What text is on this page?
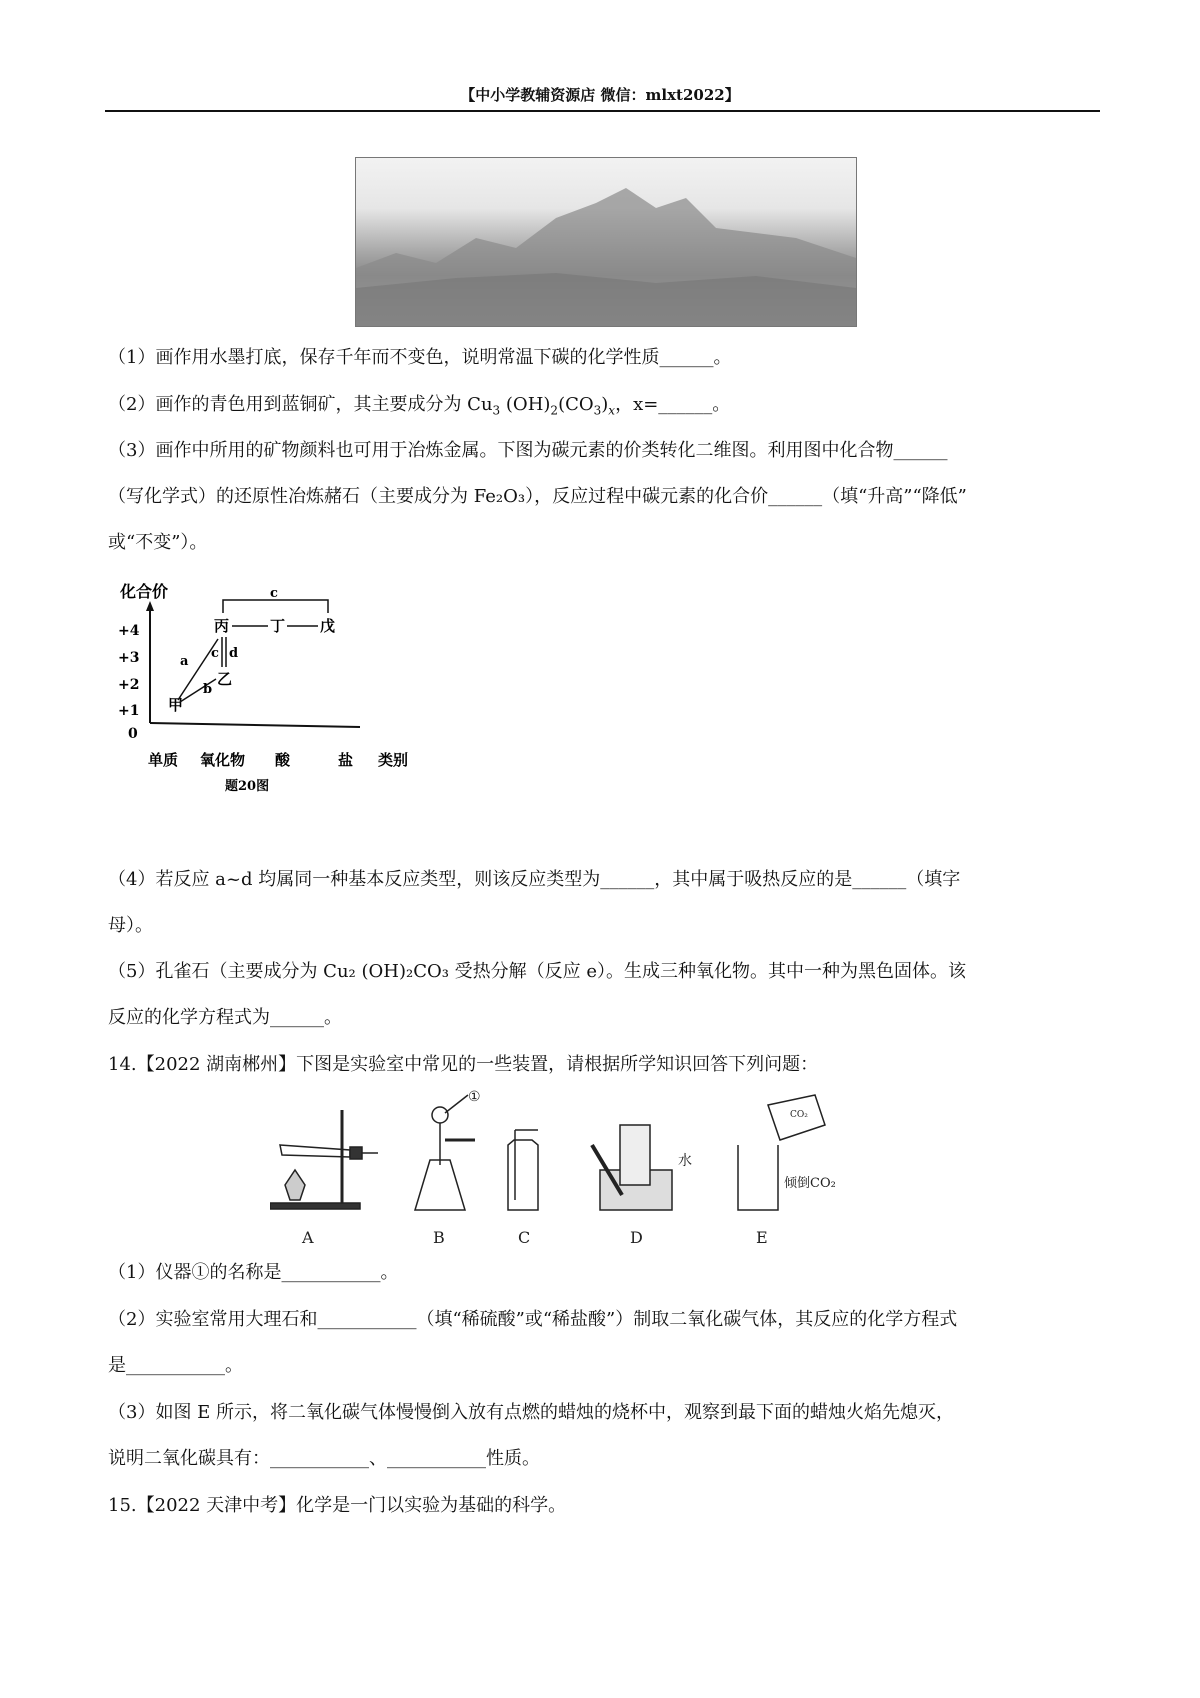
【中小学教辅资源店 微信：mlxt2022】
（1）画作用水墨打底，保存千年而不变色，说明常温下碳的化学性质______。
（2）画作的青色用到蓝铜矿，其主要成分为 $Cu_3$ $(OH)_2(CO_3)_x$，x=______。
（3）画作中所用的矿物颜料也可用于冶炼金属。下图为碳元素的价类转化二维图。利用图中化合物______
（写化学式）的还原性冶炼赭石（主要成分为 Fe₂O₃），反应过程中碳元素的化合价______（填“升高”“降低”
或“不变”）。
化合价
+4
+3
+2
+1
0
单质 氧化物 酸	盐 类别
题20图
甲
乙
丙	丁 戊
c
a
b
c d
（4）若反应 a~d 均属同一种基本反应类型，则该反应类型为______，其中属于吸热反应的是______（填字
母）。
（5）孔雀石（主要成分为 Cu₂ (OH)₂CO₃ 受热分解（反应 e）。生成三种氧化物。其中一种为黑色固体。该
反应的化学方程式为______。
14.【2022 湖南郴州】下图是实验室中常见的一些装置，请根据所学知识回答下列问题：
A
①
B	C
水
D
CO₂
倾倒CO₂
E
（1）仪器①的名称是___________。
（2）实验室常用大理石和___________（填“稀硫酸”或“稀盐酸”）制取二氧化碳气体，其反应的化学方程式
是___________。
（3）如图 E 所示，将二氧化碳气体慢慢倒入放有点燃的蜡烛的烧杯中，观察到最下面的蜡烛火焰先熄灭，
说明二氧化碳具有：___________、___________性质。
15.【2022 天津中考】化学是一门以实验为基础的科学。
